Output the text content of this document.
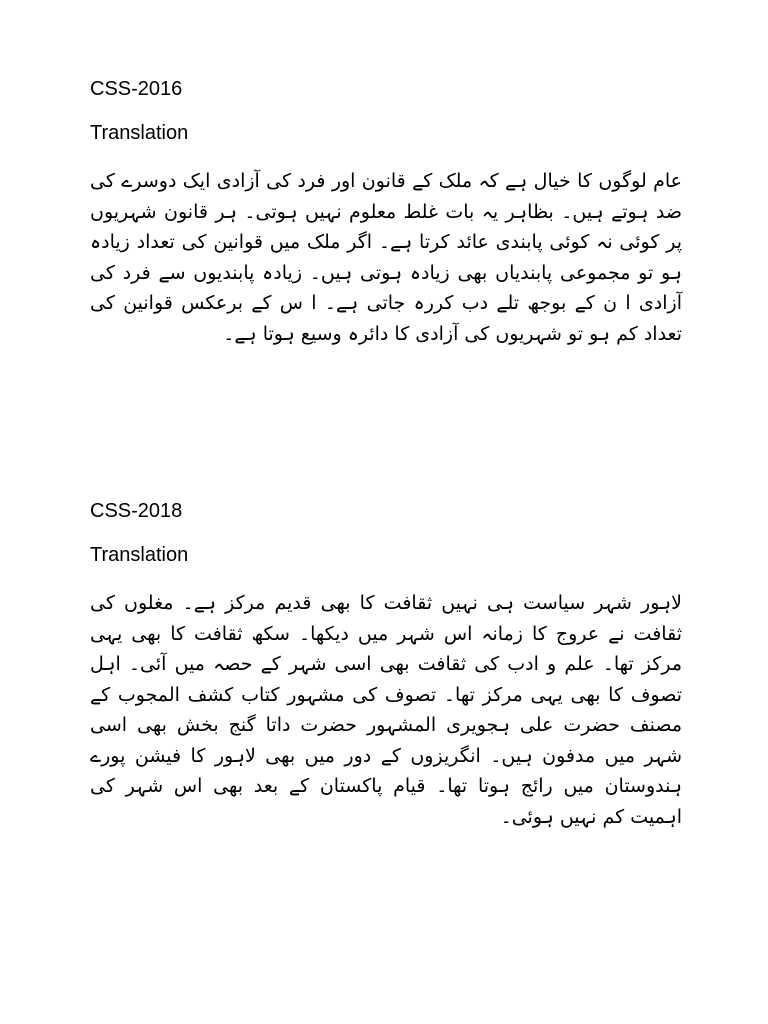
CSS-2016

Translation

عام لوگوں کا خیال ہے کہ ملک کے قانون اور فرد کی آزادی ایک دوسرے کی ضد ہوتے ہیں۔ بظاہر یہ بات غلط معلوم نہیں ہوتی۔ ہر قانون شہریوں پر کوئی نہ کوئی پابندی عائد کرتا ہے۔ اگر ملک میں قوانین کی تعداد زیادہ ہو تو مجموعی پابندیاں بھی زیادہ ہوتی ہیں۔ زیادہ پابندیوں سے فرد کی آزادی ا ن کے بوجھ تلے دب کررہ جاتی ہے۔ ا س کے برعکس قوانین کی تعداد کم ہو تو شہریوں کی آزادی کا دائرہ وسیع ہوتا ہے۔

CSS-2018

Translation

لاہور شہر سیاست ہی نہیں ثقافت کا بھی قدیم مرکز ہے۔ مغلوں کی ثقافت نے عروج کا زمانہ اس شہر میں دیکھا۔ سکھ ثقافت کا بھی یہی مرکز تھا۔ علم و ادب کی ثقافت بھی اسی شہر کے حصہ میں آئی۔ اہل تصوف کا بھی یہی مرکز تھا۔ تصوف کی مشہور کتاب کشف المجوب کے مصنف حضرت علی ہجویری المشہور حضرت داتا گنج بخش بھی اسی شہر میں مدفون ہیں۔ انگریزوں کے دور میں بھی لاہور کا فیشن پورے ہندوستان میں رائج ہوتا تھا۔ قیام پاکستان کے بعد بھی اس شہر کی اہمیت کم نہیں ہوئی۔
